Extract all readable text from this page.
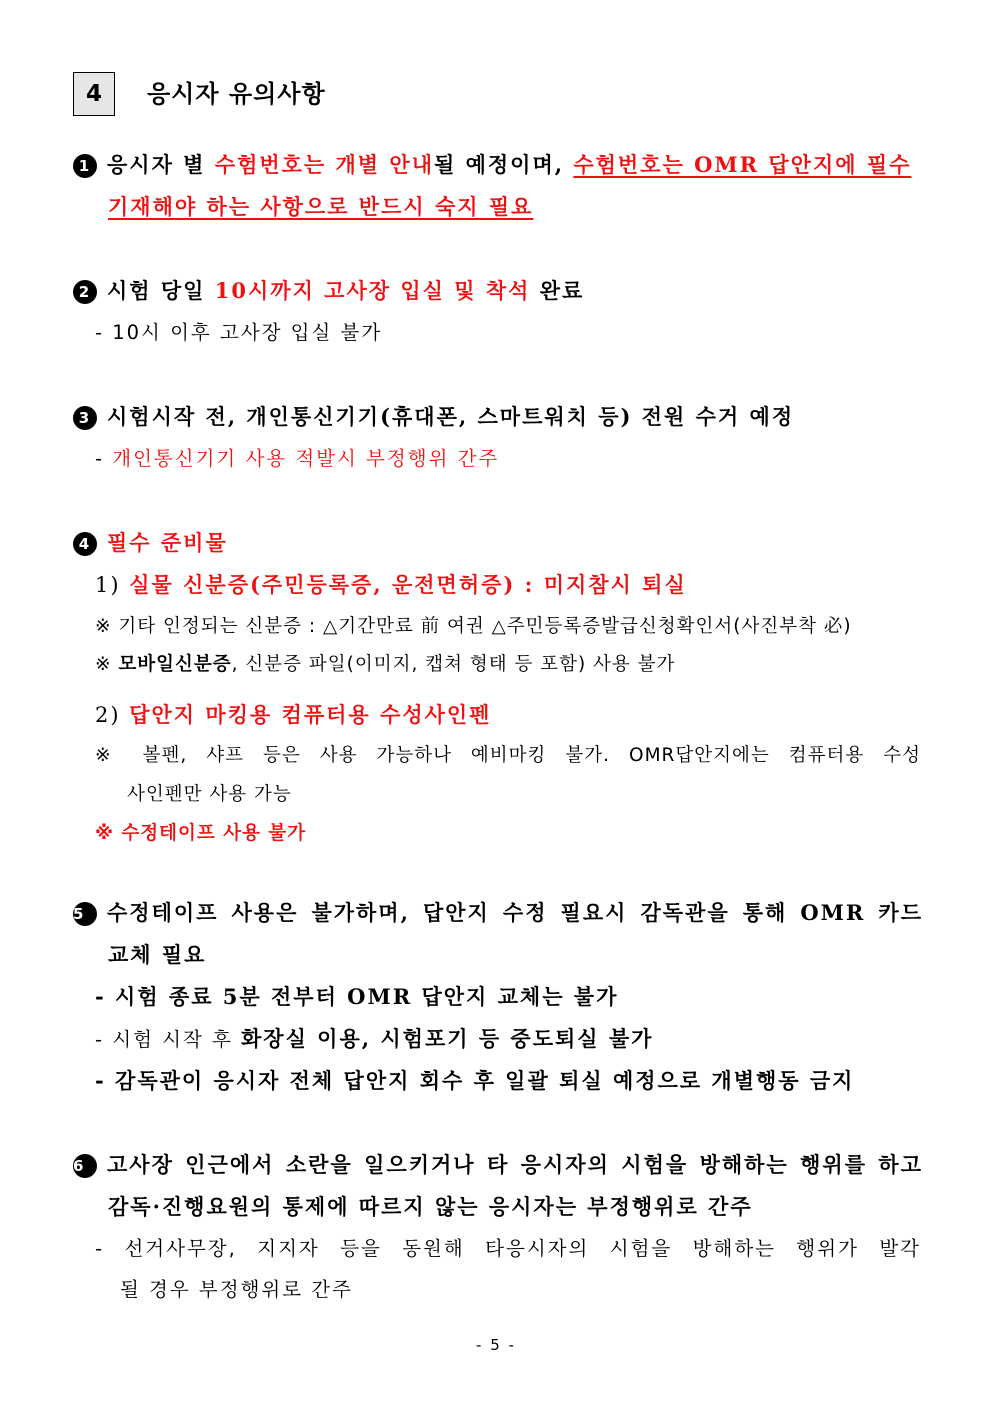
4 응시자 유의사항
1 응시자 별 수험번호는 개별 안내될 예정이며, 수험번호는 OMR 답안지에 필수
기재해야 하는 사항으로 반드시 숙지 필요
2 시험 당일 10시까지 고사장 입실 및 착석 완료
- 10시 이후 고사장 입실 불가
3 시험시작 전, 개인통신기기(휴대폰, 스마트워치 등) 전원 수거 예정
- 개인통신기기 사용 적발시 부정행위 간주
4 필수 준비물
1) 실물 신분증(주민등록증, 운전면허증) : 미지참시 퇴실
※ 기타 인정되는 신분증 : △기간만료 前 여권 △주민등록증발급신청확인서(사진부착 必)
※ 모바일신분증, 신분증 파일(이미지, 캡쳐 형태 등 포함) 사용 불가
2) 답안지 마킹용 컴퓨터용 수성사인펜
※ 볼펜, 샤프 등은 사용 가능하나 예비마킹 불가. OMR답안지에는 컴퓨터용 수성
사인펜만 사용 가능
※ 수정테이프 사용 불가
5 수정테이프 사용은 불가하며, 답안지 수정 필요시 감독관을 통해 OMR 카드
교체 필요
- 시험 종료 5분 전부터 OMR 답안지 교체는 불가
- 시험 시작 후 화장실 이용, 시험포기 등 중도퇴실 불가
- 감독관이 응시자 전체 답안지 회수 후 일괄 퇴실 예정으로 개별행동 금지
6 고사장 인근에서 소란을 일으키거나 타 응시자의 시험을 방해하는 행위를 하고
감독·진행요원의 통제에 따르지 않는 응시자는 부정행위로 간주
- 선거사무장, 지지자 등을 동원해 타응시자의 시험을 방해하는 행위가 발각
될 경우 부정행위로 간주
- 5 -
